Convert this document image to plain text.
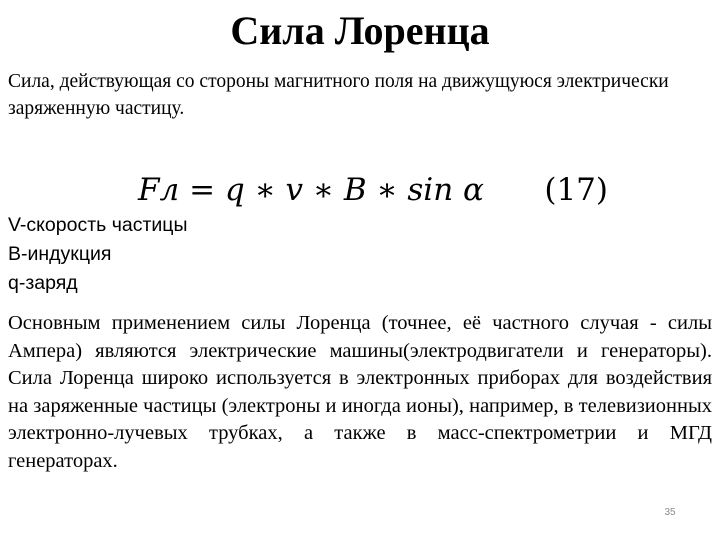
Сила Лоренца
Сила, действующая со стороны магнитного поля на движущуюся электрически заряженную частицу.
Fл = q ∗ v ∗ B ∗ sin α (17)
V-скорость частицы
B-индукция
q-заряд
Основным применением силы Лоренца (точнее, её частного случая - силы Ампера) являются электрические машины(электродвигатели и генераторы). Сила Лоренца широко используется в электронных приборах для воздействия на заряженные частицы (электроны и иногда ионы), например, в телевизионных электронно-лучевых трубках, а также в масс-спектрометрии и МГД генераторах.
35
